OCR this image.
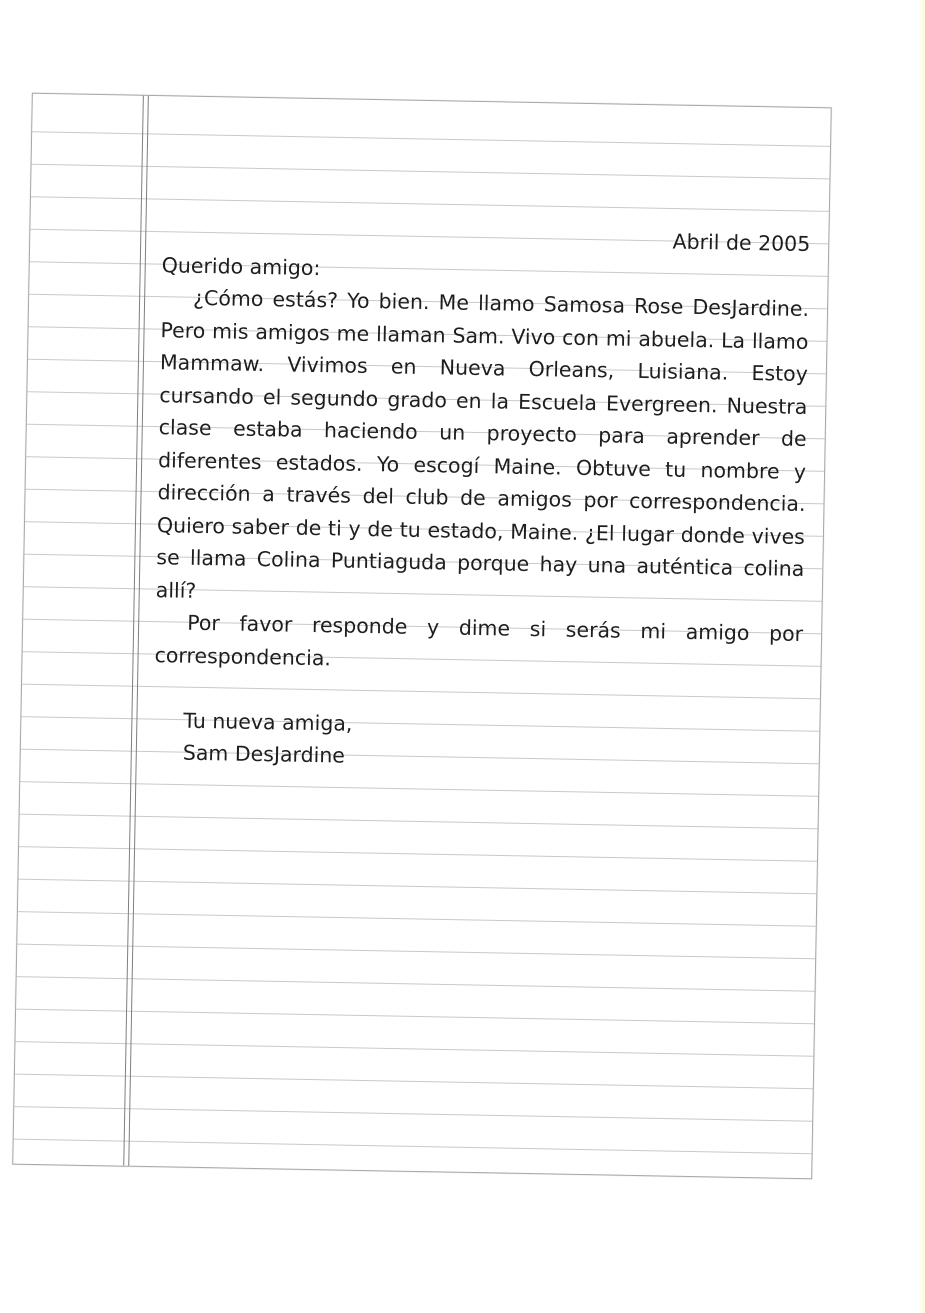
Abril de 2005

Querido amigo:

¿Cómo estás? Yo bien. Me llamo Samosa Rose DesJardine. Pero mis amigos me llaman Sam. Vivo con mi abuela. La llamo Mammaw. Vivimos en Nueva Orleans, Luisiana. Estoy cursando el segundo grado en la Escuela Evergreen. Nuestra clase estaba haciendo un proyecto para aprender de diferentes estados. Yo escogí Maine. Obtuve tu nombre y dirección a través del club de amigos por correspondencia. Quiero saber de ti y de tu estado, Maine. ¿El lugar donde vives se llama Colina Puntiaguda porque hay una auténtica colina allí?

Por favor responde y dime si serás mi amigo por correspondencia.

Tu nueva amiga,

Sam DesJardine
